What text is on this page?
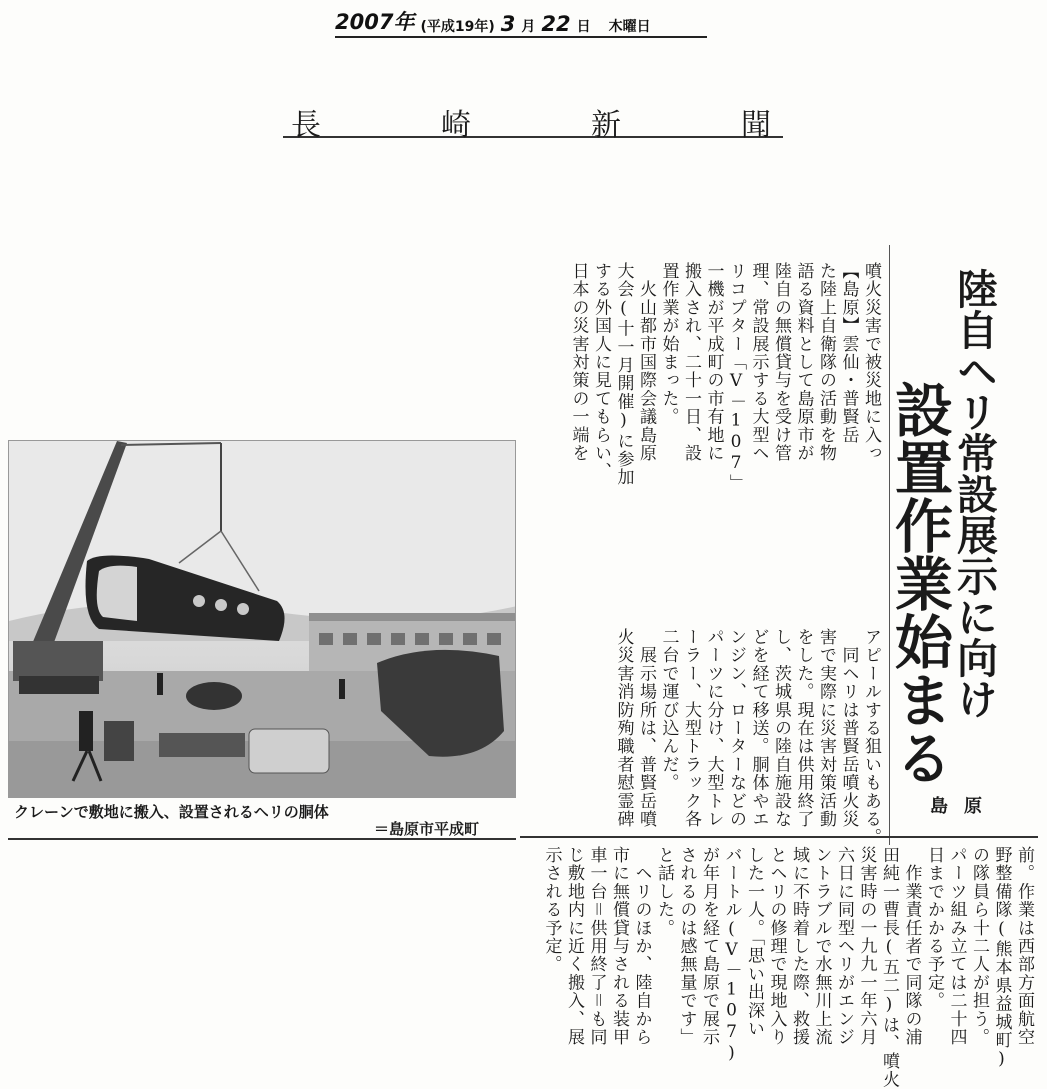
2007年 (平成19年) 3 月 22 日 木曜日
長	崎	新	聞
陸自ヘリ常設展示に向け
設置作業始まる
島原
噴火災害で被災地に入っ
【島原】雲仙・普賢岳
た陸上自衛隊の活動を物
語る資料として島原市が
陸自の無償貸与を受け管
理、常設展示する大型ヘ
リコプター「V－107」
一機が平成町の市有地に
搬入され、二十一日、設
置作業が始まった。
　火山都市国際会議島原
大会(十一月開催)に参加
する外国人に見てもらい、
日本の災害対策の一端を
アピールする狙いもある。
　同ヘリは普賢岳噴火災
害で実際に災害対策活動
をした。現在は供用終了
し、茨城県の陸自施設な
どを経て移送。胴体やエ
ンジン、ローターなどの
パーツに分け、大型トレ
ーラー、大型トラック各
二台で運び込んだ。
　展示場所は、普賢岳噴
火災害消防殉職者慰霊碑
前。作業は西部方面航空
野整備隊(熊本県益城町)
の隊員ら十二人が担う。
パーツ組み立ては二十四
日までかかる予定。
　作業責任者で同隊の浦
田純一曹長(五二)は、噴火
災害時の一九九一年六月
六日に同型ヘリがエンジ
ントラブルで水無川上流
域に不時着した際、救援
とヘリの修理で現地入り
した一人。「思い出深い
バートル(V－107)
が年月を経て島原で展示
されるのは感無量です」
と話した。
　ヘリのほか、陸自から
市に無償貸与される装甲
車一台＝供用終了＝も同
じ敷地内に近く搬入、展
示される予定。
クレーンで敷地に搬入、設置されるヘリの胴体
＝島原市平成町
